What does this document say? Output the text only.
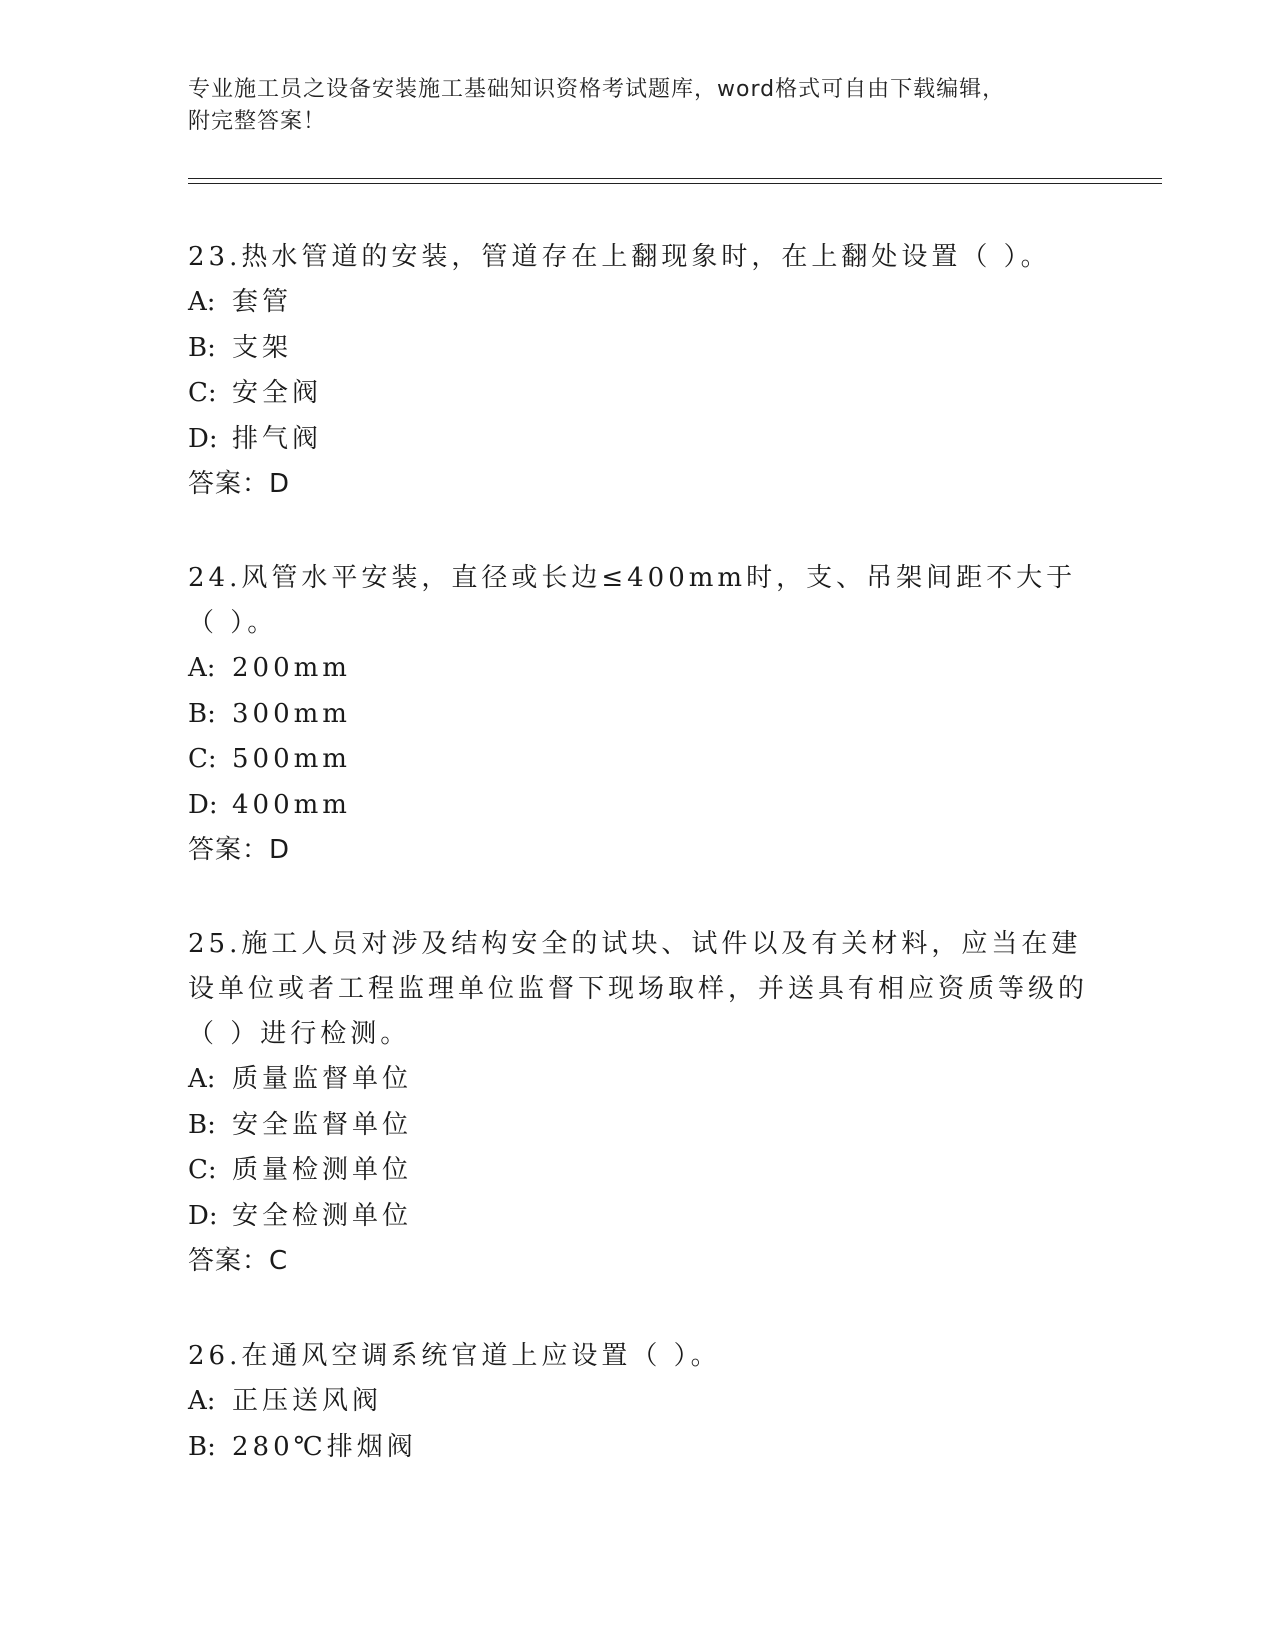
专业施工员之设备安装施工基础知识资格考试题库，word格式可自由下载编辑，
附完整答案！

23.热水管道的安装，管道存在上翻现象时，在上翻处设置（ ）。

A: 套管

B: 支架

C: 安全阀

D: 排气阀

答案：D

24.风管水平安装，直径或长边≤400mm时，支、吊架间距不大于（ ）。

A: 200mm

B: 300mm

C: 500mm

D: 400mm

答案：D

25.施工人员对涉及结构安全的试块、试件以及有关材料，应当在建设单位或者工程监理单位监督下现场取样，并送具有相应资质等级的（ ）进行检测。

A: 质量监督单位

B: 安全监督单位

C: 质量检测单位

D: 安全检测单位

答案：C

26.在通风空调系统官道上应设置（ ）。

A: 正压送风阀

B: 280℃排烟阀
